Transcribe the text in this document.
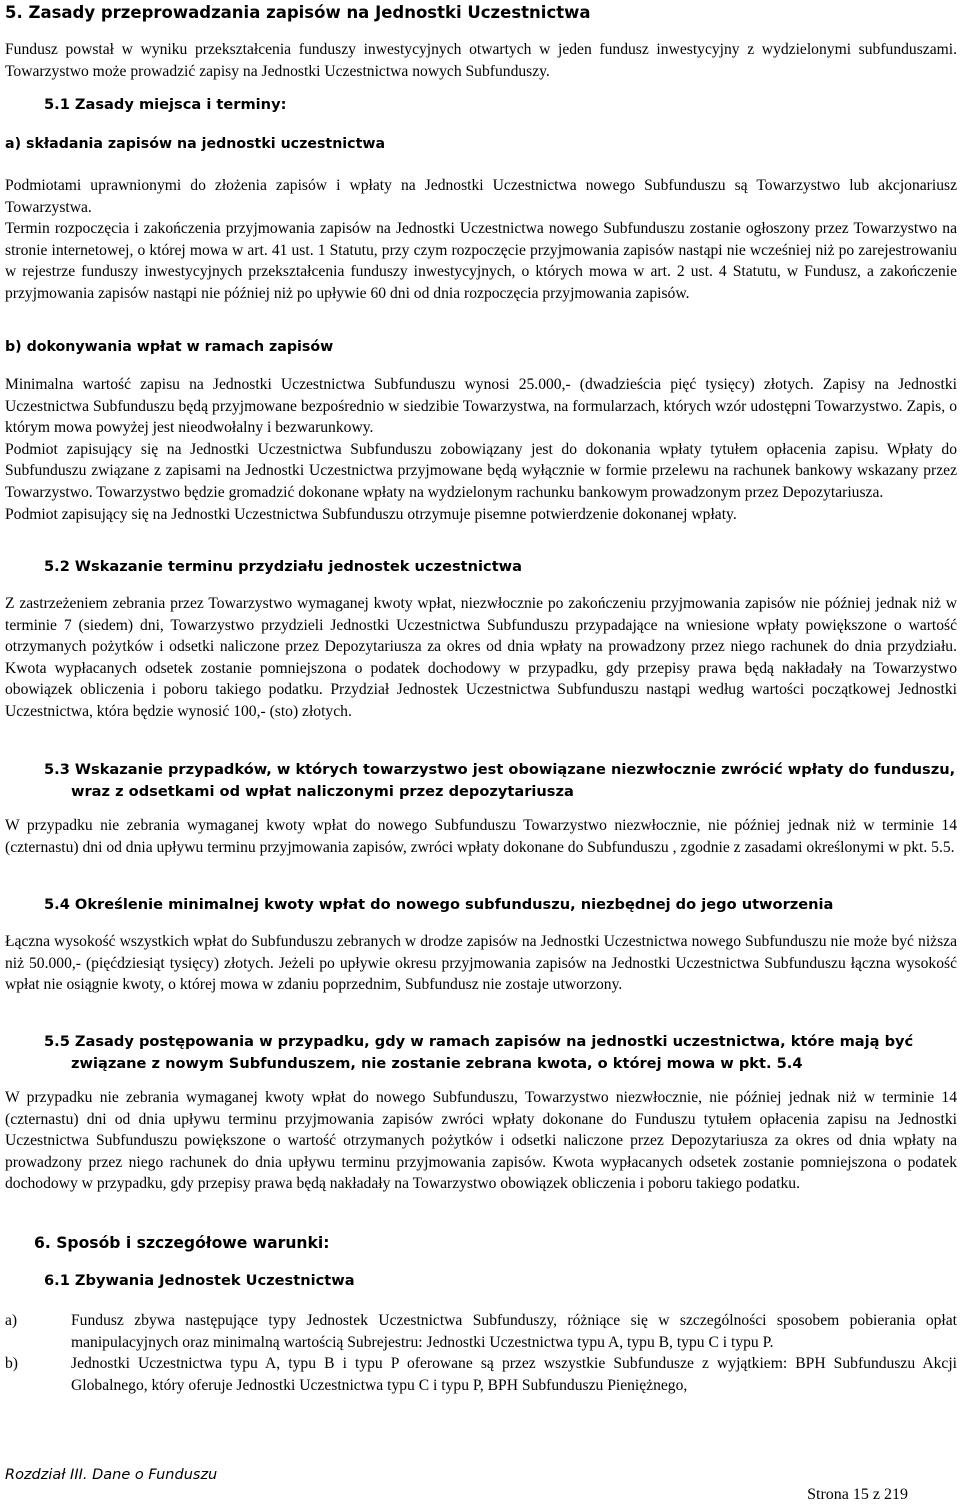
5. Zasady przeprowadzania zapisów na Jednostki Uczestnictwa

Fundusz powstał w wyniku przekształcenia funduszy inwestycyjnych otwartych w jeden fundusz inwestycyjny z wydzielonymi subfunduszami. Towarzystwo może prowadzić zapisy na Jednostki Uczestnictwa nowych Subfunduszy.

5.1 Zasady miejsca i terminy:
a) składania zapisów na jednostki uczestnictwa

Podmiotami uprawnionymi do złożenia zapisów i wpłaty na Jednostki Uczestnictwa nowego Subfunduszu są Towarzystwo lub akcjonariusz Towarzystwa.

Termin rozpoczęcia i zakończenia przyjmowania zapisów na Jednostki Uczestnictwa nowego Subfunduszu zostanie ogłoszony przez Towarzystwo na stronie internetowej, o której mowa w art. 41 ust. 1 Statutu, przy czym rozpoczęcie przyjmowania zapisów nastąpi nie wcześniej niż po zarejestrowaniu w rejestrze funduszy inwestycyjnych przekształcenia funduszy inwestycyjnych, o których mowa w art. 2 ust. 4 Statutu, w Fundusz, a zakończenie przyjmowania zapisów nastąpi nie później niż po upływie 60 dni od dnia rozpoczęcia przyjmowania zapisów.

b) dokonywania wpłat w ramach zapisów

Minimalna wartość zapisu na Jednostki Uczestnictwa Subfunduszu wynosi 25.000,- (dwadzieścia pięć tysięcy) złotych. Zapisy na Jednostki Uczestnictwa Subfunduszu będą przyjmowane bezpośrednio w siedzibie Towarzystwa, na formularzach, których wzór udostępni Towarzystwo. Zapis, o którym mowa powyżej jest nieodwołalny i bezwarunkowy.

Podmiot zapisujący się na Jednostki Uczestnictwa Subfunduszu zobowiązany jest do dokonania wpłaty tytułem opłacenia zapisu. Wpłaty do Subfunduszu związane z zapisami na Jednostki Uczestnictwa przyjmowane będą wyłącznie w formie przelewu na rachunek bankowy wskazany przez Towarzystwo. Towarzystwo będzie gromadzić dokonane wpłaty na wydzielonym rachunku bankowym prowadzonym przez Depozytariusza.

Podmiot zapisujący się na Jednostki Uczestnictwa Subfunduszu otrzymuje pisemne potwierdzenie dokonanej wpłaty.

5.2 Wskazanie terminu przydziału jednostek uczestnictwa

Z zastrzeżeniem zebrania przez Towarzystwo wymaganej kwoty wpłat, niezwłocznie po zakończeniu przyjmowania zapisów nie później jednak niż w terminie 7 (siedem) dni, Towarzystwo przydzieli Jednostki Uczestnictwa Subfunduszu przypadające na wniesione wpłaty powiększone o wartość otrzymanych pożytków i odsetki naliczone przez Depozytariusza za okres od dnia wpłaty na prowadzony przez niego rachunek do dnia przydziału. Kwota wypłacanych odsetek zostanie pomniejszona o podatek dochodowy w przypadku, gdy przepisy prawa będą nakładały na Towarzystwo obowiązek obliczenia i poboru takiego podatku. Przydział Jednostek Uczestnictwa Subfunduszu nastąpi według wartości początkowej Jednostki Uczestnictwa, która będzie wynosić 100,- (sto) złotych.

5.3 Wskazanie przypadków, w których towarzystwo jest obowiązane niezwłocznie zwrócić wpłaty do funduszu,
wraz z odsetkami od wpłat naliczonymi przez depozytariusza

W przypadku nie zebrania wymaganej kwoty wpłat do nowego Subfunduszu Towarzystwo niezwłocznie, nie później jednak niż w terminie 14 (czternastu) dni od dnia upływu terminu przyjmowania zapisów, zwróci wpłaty dokonane do Subfunduszu , zgodnie z zasadami określonymi w pkt. 5.5.

5.4 Określenie minimalnej kwoty wpłat do nowego subfunduszu, niezbędnej do jego utworzenia

Łączna wysokość wszystkich wpłat do Subfunduszu zebranych w drodze zapisów na Jednostki Uczestnictwa nowego Subfunduszu nie może być niższa niż 50.000,- (pięćdziesiąt tysięcy) złotych. Jeżeli po upływie okresu przyjmowania zapisów na Jednostki Uczestnictwa Subfunduszu łączna wysokość wpłat nie osiągnie kwoty, o której mowa w zdaniu poprzednim, Subfundusz nie zostaje utworzony.

5.5 Zasady postępowania w przypadku, gdy w ramach zapisów na jednostki uczestnictwa, które mają być
związane z nowym Subfunduszem, nie zostanie zebrana kwota, o której mowa w pkt. 5.4

W przypadku nie zebrania wymaganej kwoty wpłat do nowego Subfunduszu, Towarzystwo niezwłocznie, nie później jednak niż w terminie 14 (czternastu) dni od dnia upływu terminu przyjmowania zapisów zwróci wpłaty dokonane do Funduszu tytułem opłacenia zapisu na Jednostki Uczestnictwa Subfunduszu powiększone o wartość otrzymanych pożytków i odsetki naliczone przez Depozytariusza za okres od dnia wpłaty na prowadzony przez niego rachunek do dnia upływu terminu przyjmowania zapisów. Kwota wypłacanych odsetek zostanie pomniejszona o podatek dochodowy w przypadku, gdy przepisy prawa będą nakładały na Towarzystwo obowiązek obliczenia i poboru takiego podatku.

6. Sposób i szczegółowe warunki:
6.1 Zbywania Jednostek Uczestnictwa
a)	Fundusz zbywa następujące typy Jednostek Uczestnictwa Subfunduszy, różniące się w szczególności sposobem pobierania opłat manipulacyjnych oraz minimalną wartością Subrejestru: Jednostki Uczestnictwa typu A, typu B, typu C i typu P.

b)	Jednostki Uczestnictwa typu A, typu B i typu P oferowane są przez wszystkie Subfundusze z wyjątkiem: BPH Subfunduszu Akcji Globalnego, który oferuje Jednostki Uczestnictwa typu C i typu P, BPH Subfunduszu Pieniężnego,

Rozdział III. Dane o Funduszu
Strona 15 z 219
